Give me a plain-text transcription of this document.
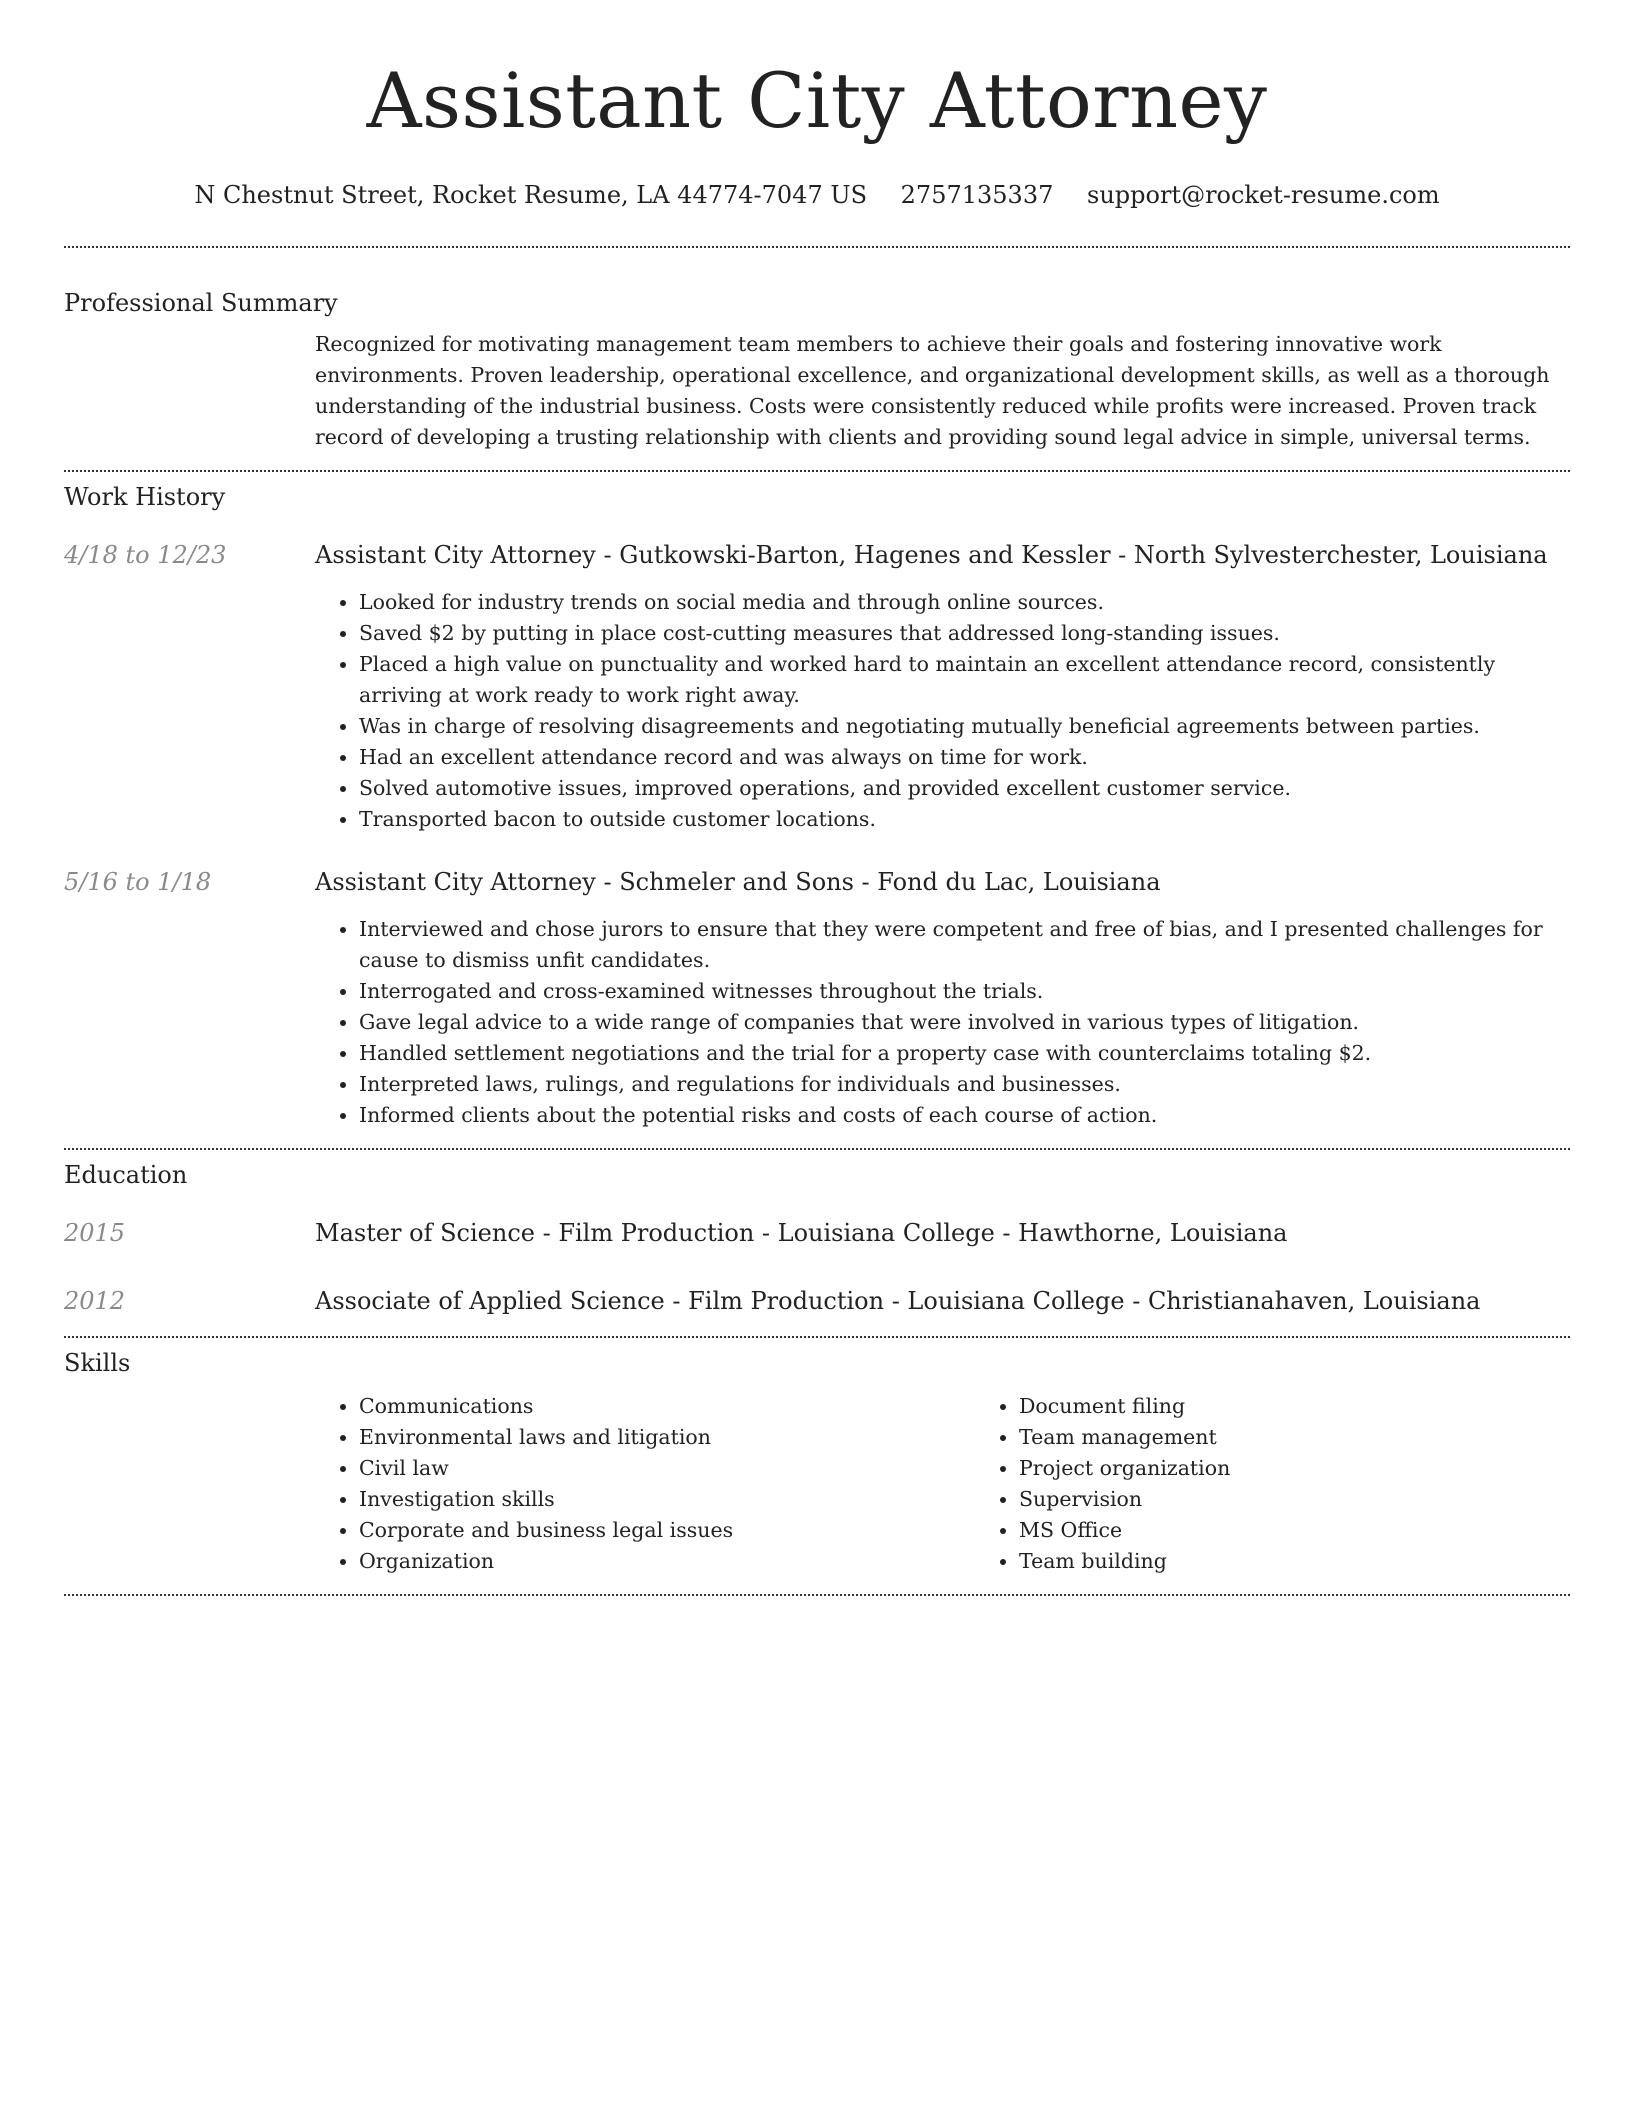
Assistant City Attorney
N Chestnut Street, Rocket Resume, LA 44774-7047 US 2757135337 support@rocket-resume.com
Professional Summary

Recognized for motivating management team members to achieve their goals and fostering innovative work environments. Proven leadership, operational excellence, and organizational development skills, as well as a thorough understanding of the industrial business. Costs were consistently reduced while profits were increased. Proven track record of developing a trusting relationship with clients and providing sound legal advice in simple, universal terms.

Work History
4/18 to 12/23	Assistant City Attorney - Gutkowski-Barton, Hagenes and Kessler - North Sylvesterchester, Louisiana

• Looked for industry trends on social media and through online sources.
• Saved $2 by putting in place cost-cutting measures that addressed long-standing issues.
• Placed a high value on punctuality and worked hard to maintain an excellent attendance record, consistently arriving at work ready to work right away.
• Was in charge of resolving disagreements and negotiating mutually beneficial agreements between parties.
• Had an excellent attendance record and was always on time for work.
• Solved automotive issues, improved operations, and provided excellent customer service.
• Transported bacon to outside customer locations.
5/16 to 1/18	Assistant City Attorney - Schmeler and Sons - Fond du Lac, Louisiana

• Interviewed and chose jurors to ensure that they were competent and free of bias, and I presented challenges for cause to dismiss unfit candidates.
• Interrogated and cross-examined witnesses throughout the trials.
• Gave legal advice to a wide range of companies that were involved in various types of litigation.
• Handled settlement negotiations and the trial for a property case with counterclaims totaling $2.
• Interpreted laws, rulings, and regulations for individuals and businesses.
• Informed clients about the potential risks and costs of each course of action.
Education
2015	Master of Science - Film Production - Louisiana College - Hawthorne, Louisiana

2012	Associate of Applied Science - Film Production - Louisiana College - Christianahaven, Louisiana

Skills
• Communications
• Environmental laws and litigation
• Civil law
• Investigation skills
• Corporate and business legal issues
• Organization
• Document filing
• Team management
• Project organization
• Supervision
• MS Office
• Team building
